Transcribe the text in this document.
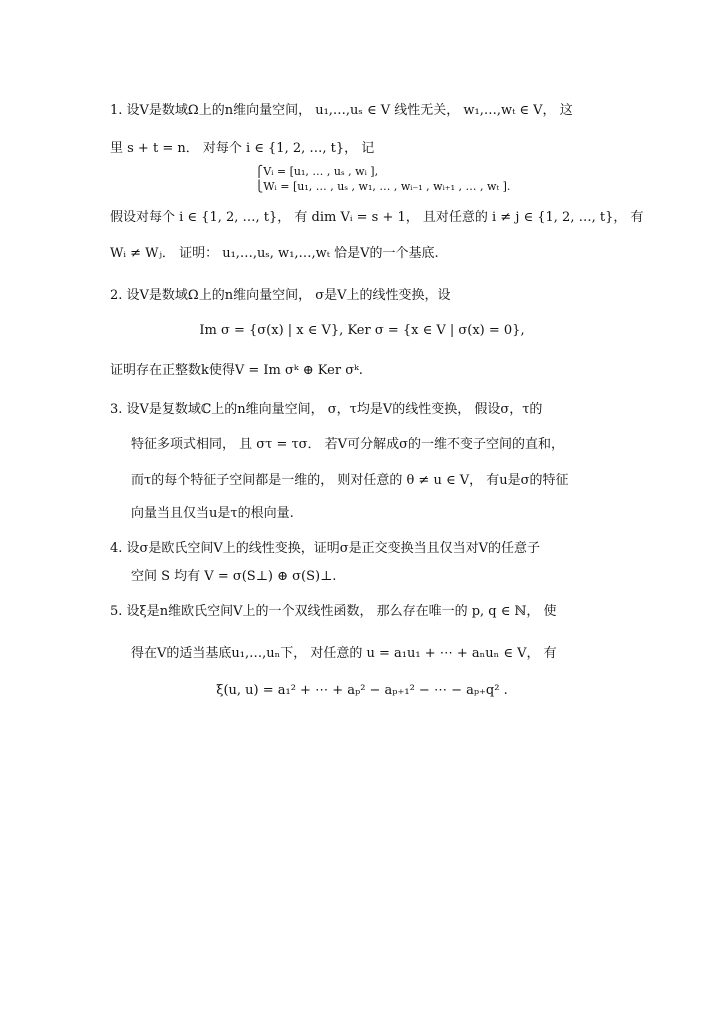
1. 设V是数域Ω上的n维向量空间， u₁,…,uₛ ∈ V 线性无关， w₁,…,wₜ ∈ V， 这
里 s + t = n． 对每个 i ∈ {1, 2, …, t}， 记
⎧Vᵢ = [u₁, … , uₛ , wᵢ ],
⎩Wᵢ = [u₁, … , uₛ , w₁, … , wᵢ₋₁ , wᵢ₊₁ , … , wₜ ].
假设对每个 i ∈ {1, 2, …, t}， 有 dim Vᵢ = s + 1， 且对任意的 i ≠ j ∈ {1, 2, …, t}， 有
Wᵢ ≠ Wⱼ． 证明： u₁,…,uₛ, w₁,…,wₜ 恰是V的一个基底.
2. 设V是数域Ω上的n维向量空间， σ是V上的线性变换，设
Im σ = {σ(x) | x ∈ V}, Ker σ = {x ∈ V | σ(x) = 0},
证明存在正整数k使得V = Im σᵏ ⊕ Ker σᵏ.
3. 设V是复数域ℂ上的n维向量空间， σ，τ均是V的线性变换， 假设σ，τ的
特征多项式相同， 且 στ = τσ． 若V可分解成σ的一维不变子空间的直和，
而τ的每个特征子空间都是一维的， 则对任意的 θ ≠ u ∈ V， 有u是σ的特征
向量当且仅当u是τ的根向量.
4. 设σ是欧氏空间V上的线性变换，证明σ是正交变换当且仅当对V的任意子
空间 S 均有 V = σ(S⊥) ⊕ σ(S)⊥.
5. 设ξ是n维欧氏空间V上的一个双线性函数， 那么存在唯一的 p, q ∈ ℕ， 使
得在V的适当基底u₁,…,uₙ下， 对任意的 u = a₁u₁ + ⋯ + aₙuₙ ∈ V， 有
ξ(u, u) = a₁² + ⋯ + aₚ² − aₚ₊₁² − ⋯ − aₚ₊q² .
